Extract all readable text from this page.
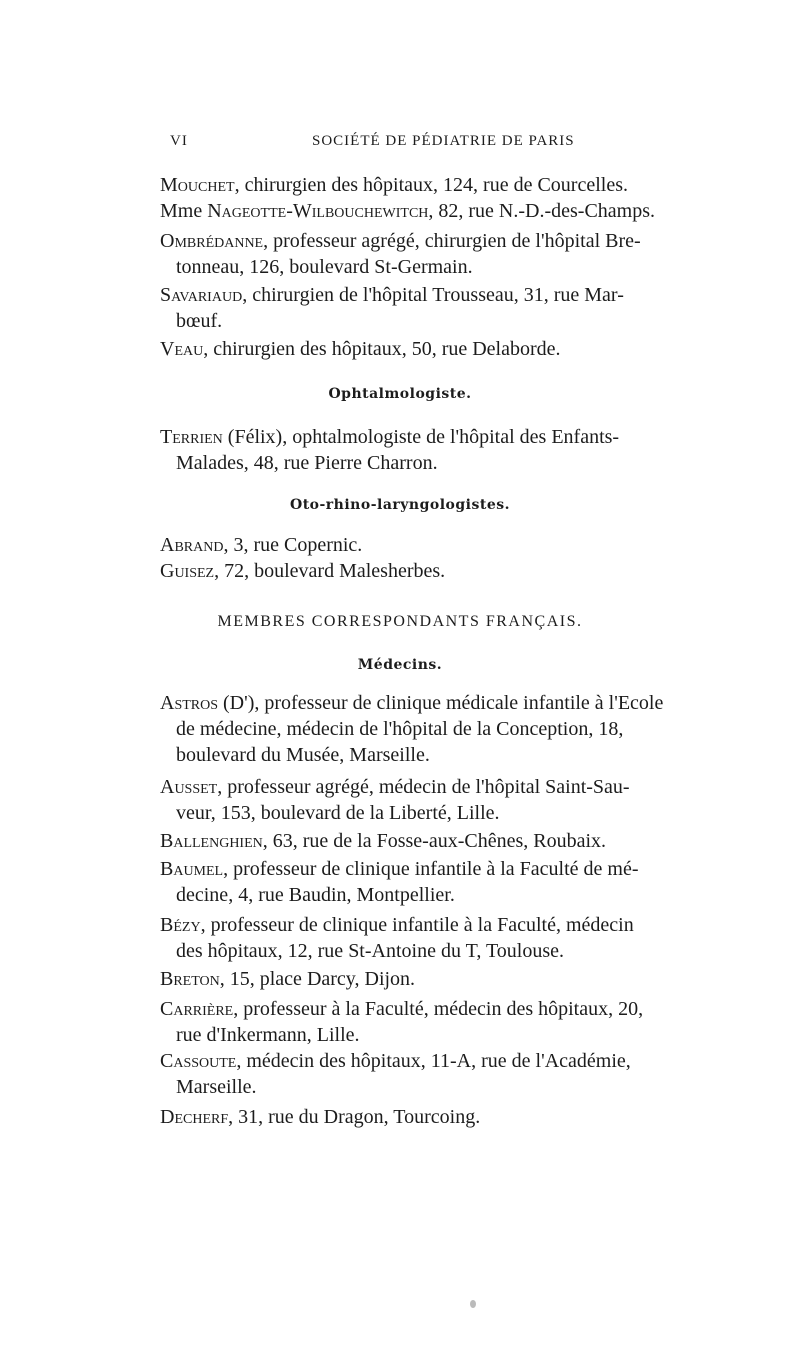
VI	SOCIÉTÉ DE PÉDIATRIE DE PARIS
Mouchet, chirurgien des hôpitaux, 124, rue de Courcelles.
Mme Nageotte-Wilbouchewitch, 82, rue N.-D.-des-Champs.
Ombrédanne, professeur agrégé, chirurgien de l'hôpital Bre-
tonneau, 126, boulevard St-Germain.
Savariaud, chirurgien de l'hôpital Trousseau, 31, rue Mar-
bœuf.
Veau, chirurgien des hôpitaux, 50, rue Delaborde.
Ophtalmologiste.
Terrien (Félix), ophtalmologiste de l'hôpital des Enfants-
Malades, 48, rue Pierre Charron.
Oto-rhino-laryngologistes.
Abrand, 3, rue Copernic.
Guisez, 72, boulevard Malesherbes.
MEMBRES CORRESPONDANTS FRANÇAIS.
Médecins.
Astros (D'), professeur de clinique médicale infantile à l'Ecole
de médecine, médecin de l'hôpital de la Conception, 18,
boulevard du Musée, Marseille.
Ausset, professeur agrégé, médecin de l'hôpital Saint-Sau-
veur, 153, boulevard de la Liberté, Lille.
Ballenghien, 63, rue de la Fosse-aux-Chênes, Roubaix.
Baumel, professeur de clinique infantile à la Faculté de mé-
decine, 4, rue Baudin, Montpellier.
Bézy, professeur de clinique infantile à la Faculté, médecin
des hôpitaux, 12, rue St-Antoine du T, Toulouse.
Breton, 15, place Darcy, Dijon.
Carrière, professeur à la Faculté, médecin des hôpitaux, 20,
rue d'Inkermann, Lille.
Cassoute, médecin des hôpitaux, 11-A, rue de l'Académie,
Marseille.
Decherf, 31, rue du Dragon, Tourcoing.
